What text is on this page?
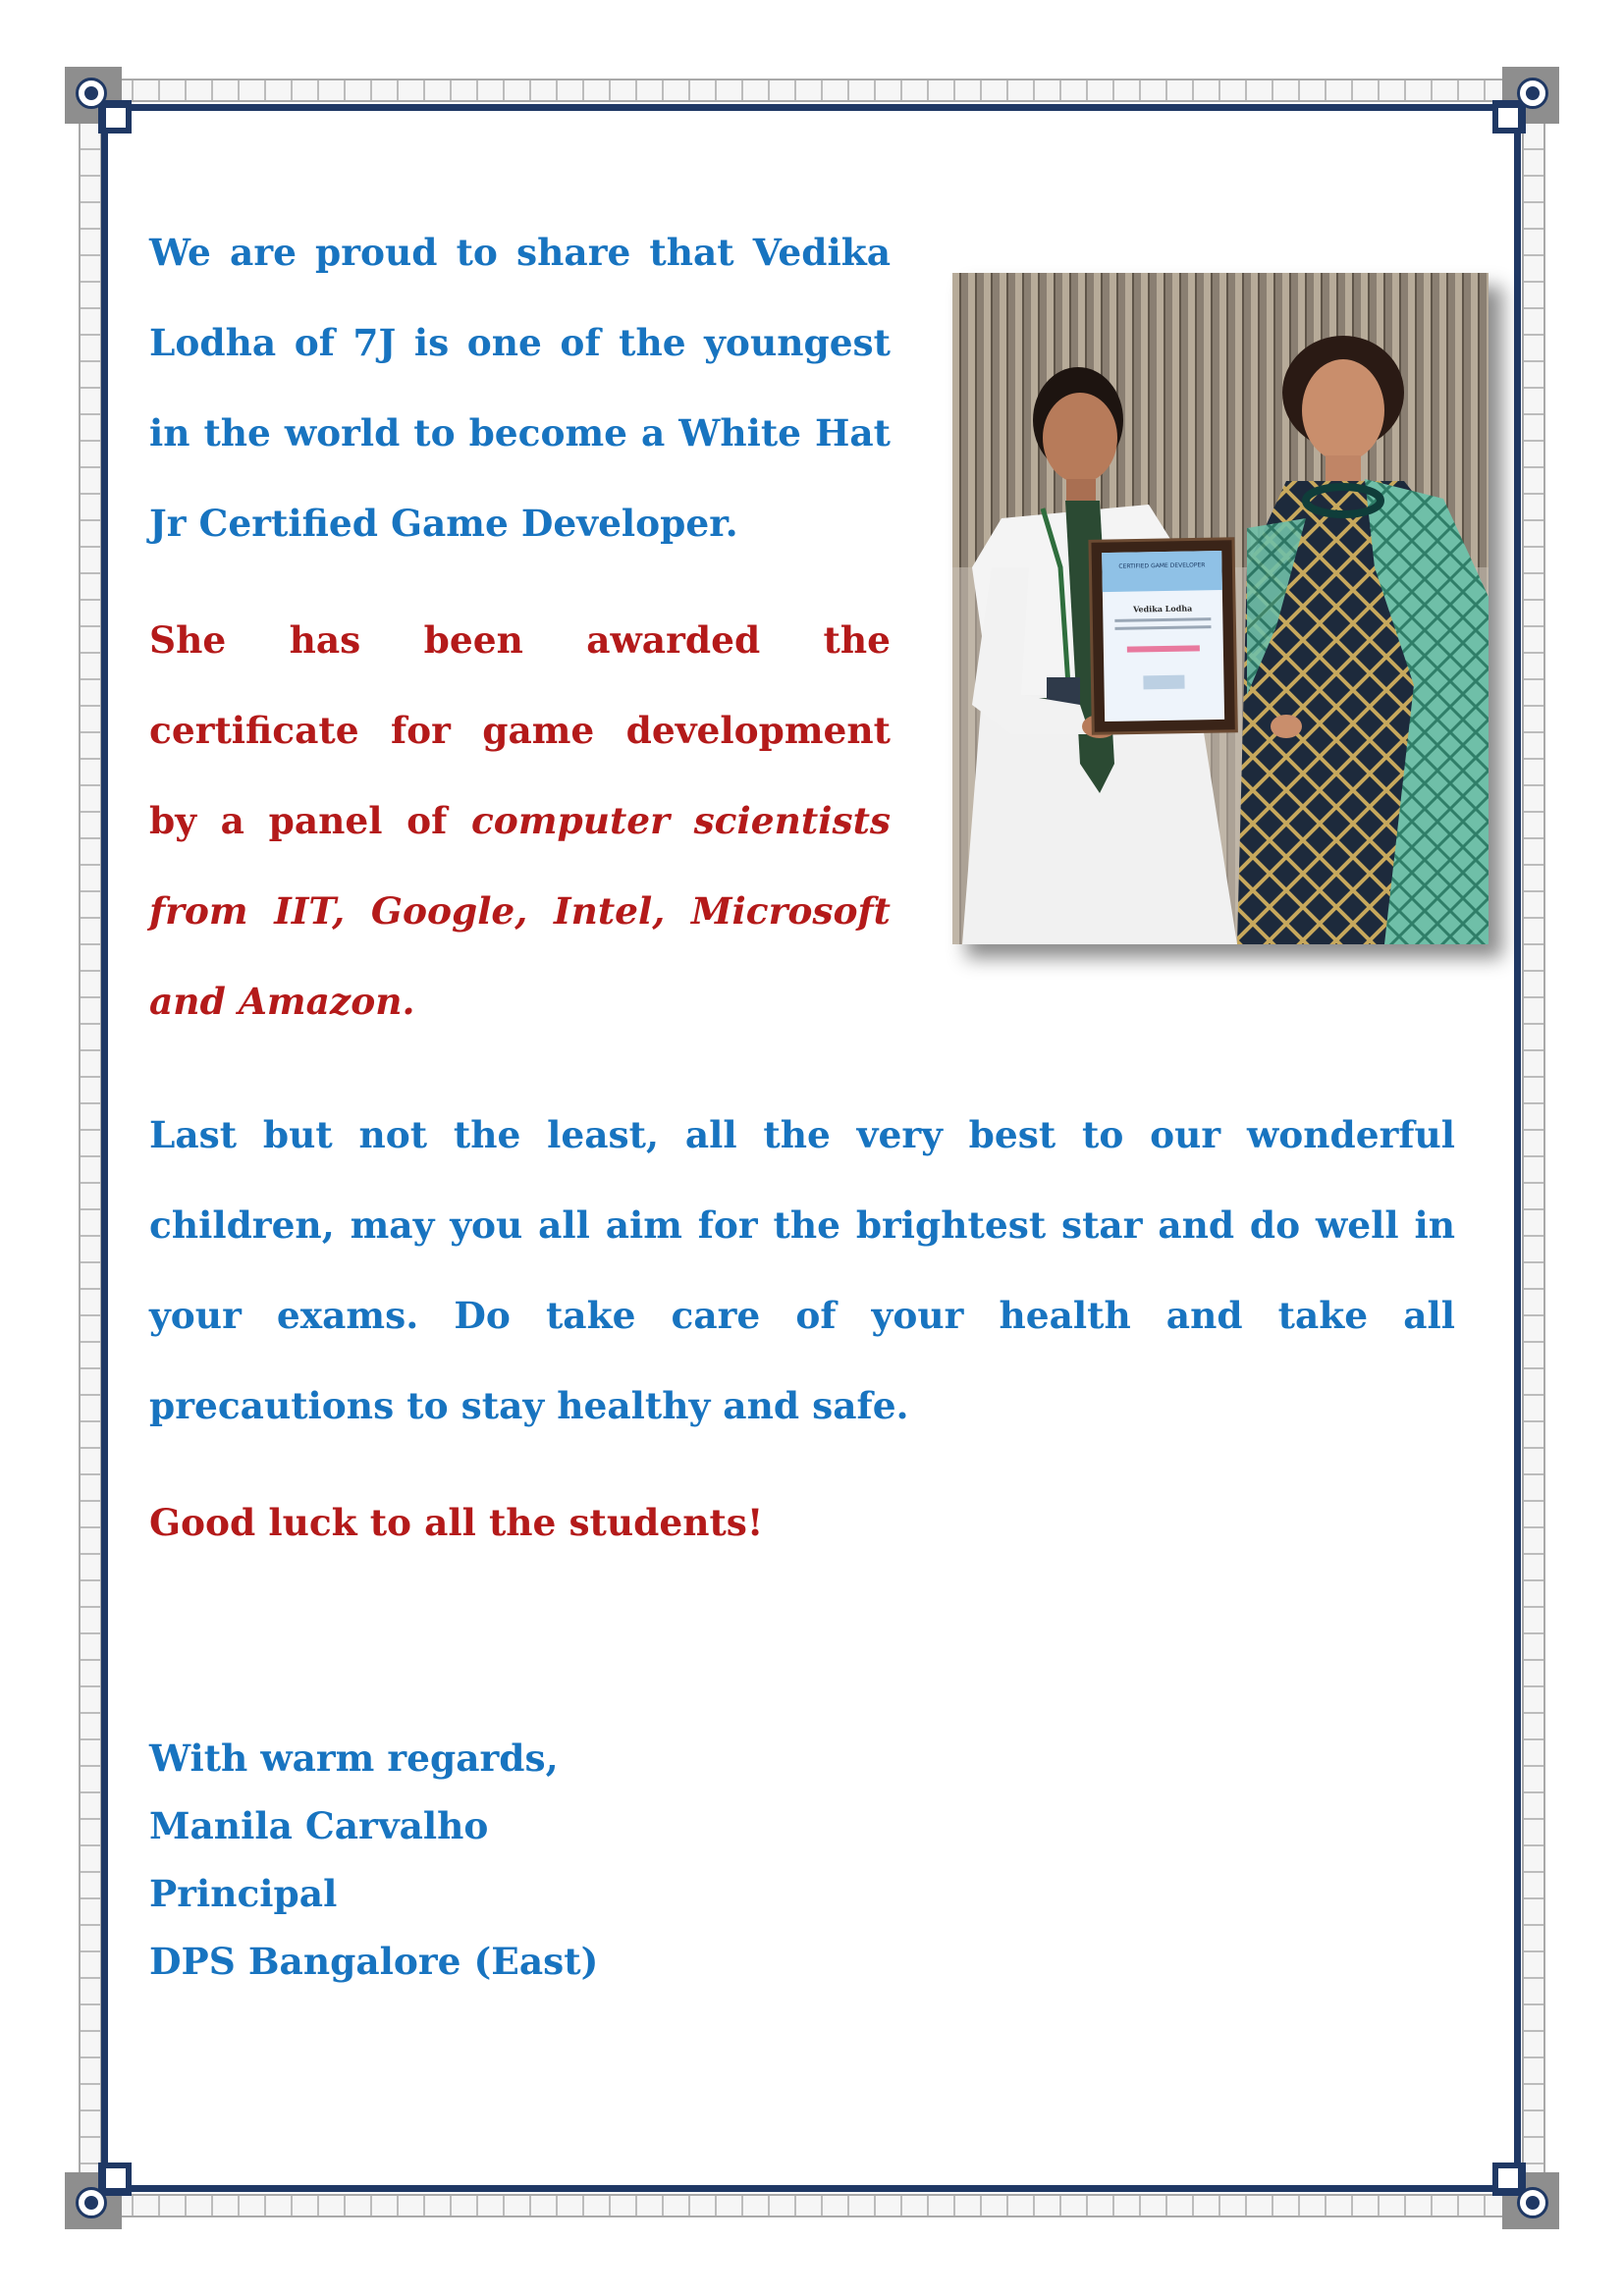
We are proud to share that Vedika Lodha of 7J is one of the youngest in the world to become a White Hat Jr Certified Game Developer.

She has been awarded the certificate for game development by a panel of computer scientists from IIT, Google, Intel, Microsoft and Amazon.

Last but not the least, all the very best to our wonderful children, may you all aim for the brightest star and do well in your exams. Do take care of your health and take all precautions to stay healthy and safe.

Good luck to all the students!

With warm regards,
Manila Carvalho
Principal
DPS Bangalore (East)
CERTIFIED GAME DEVELOPER
Vedika Lodha
